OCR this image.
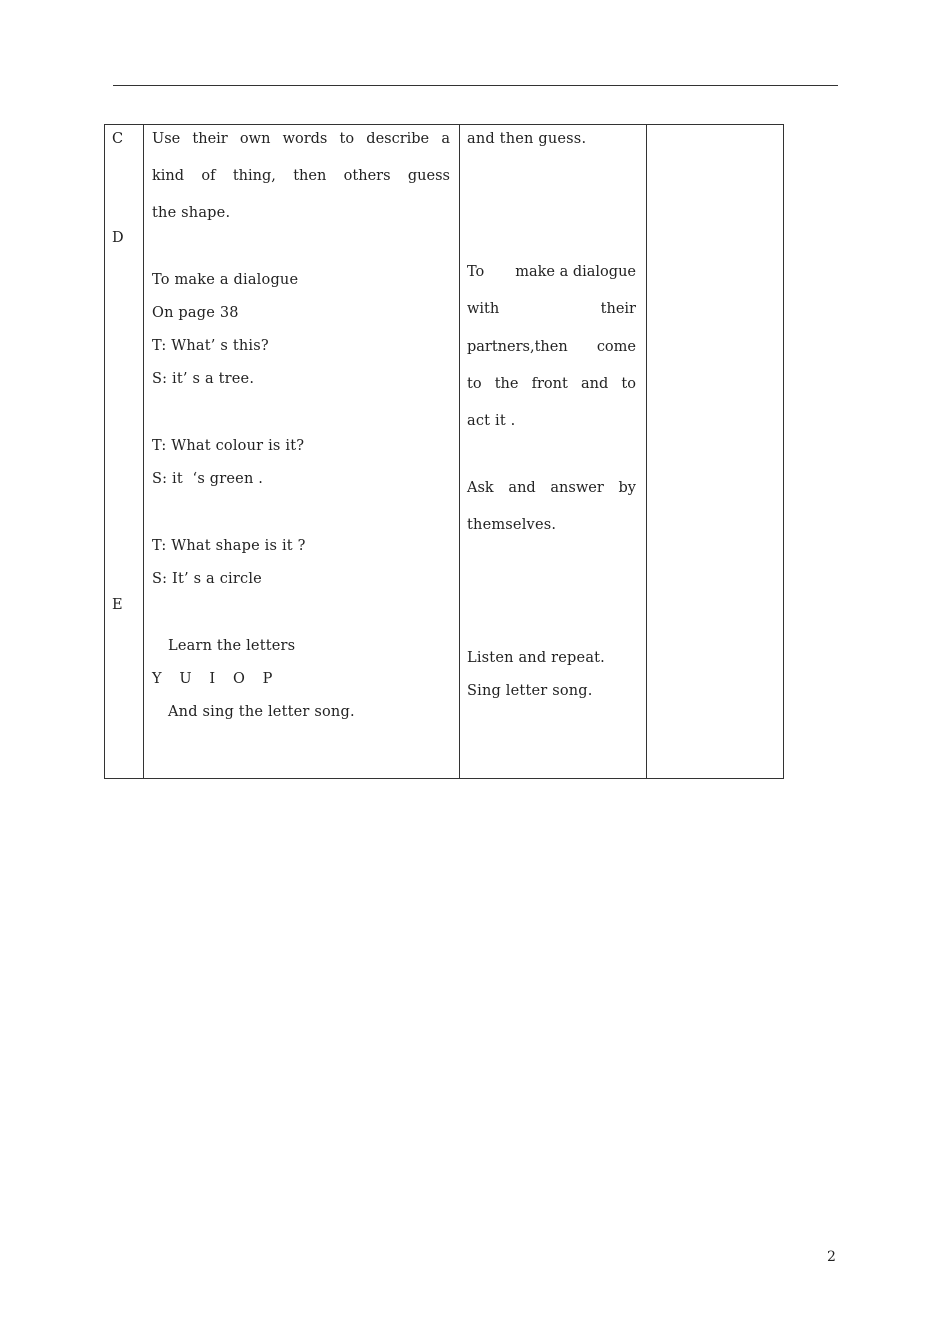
C
D
E
Use their own words to describe a
kind of thing, then others guess
the shape.
To make a dialogue
On page 38
T: What’ s this?
S: it’ s a tree.
T: What colour is it?
S: it  ‘s green .
T: What shape is it ?
S: It’ s a circle
Learn the letters
Y  U  I  O  P
And sing the letter song.
and then guess.
To make a dialogue
with	their
partners,then come
to the front and to
act it .
Ask and answer by
themselves.
Listen and repeat.
Sing letter song.
2
